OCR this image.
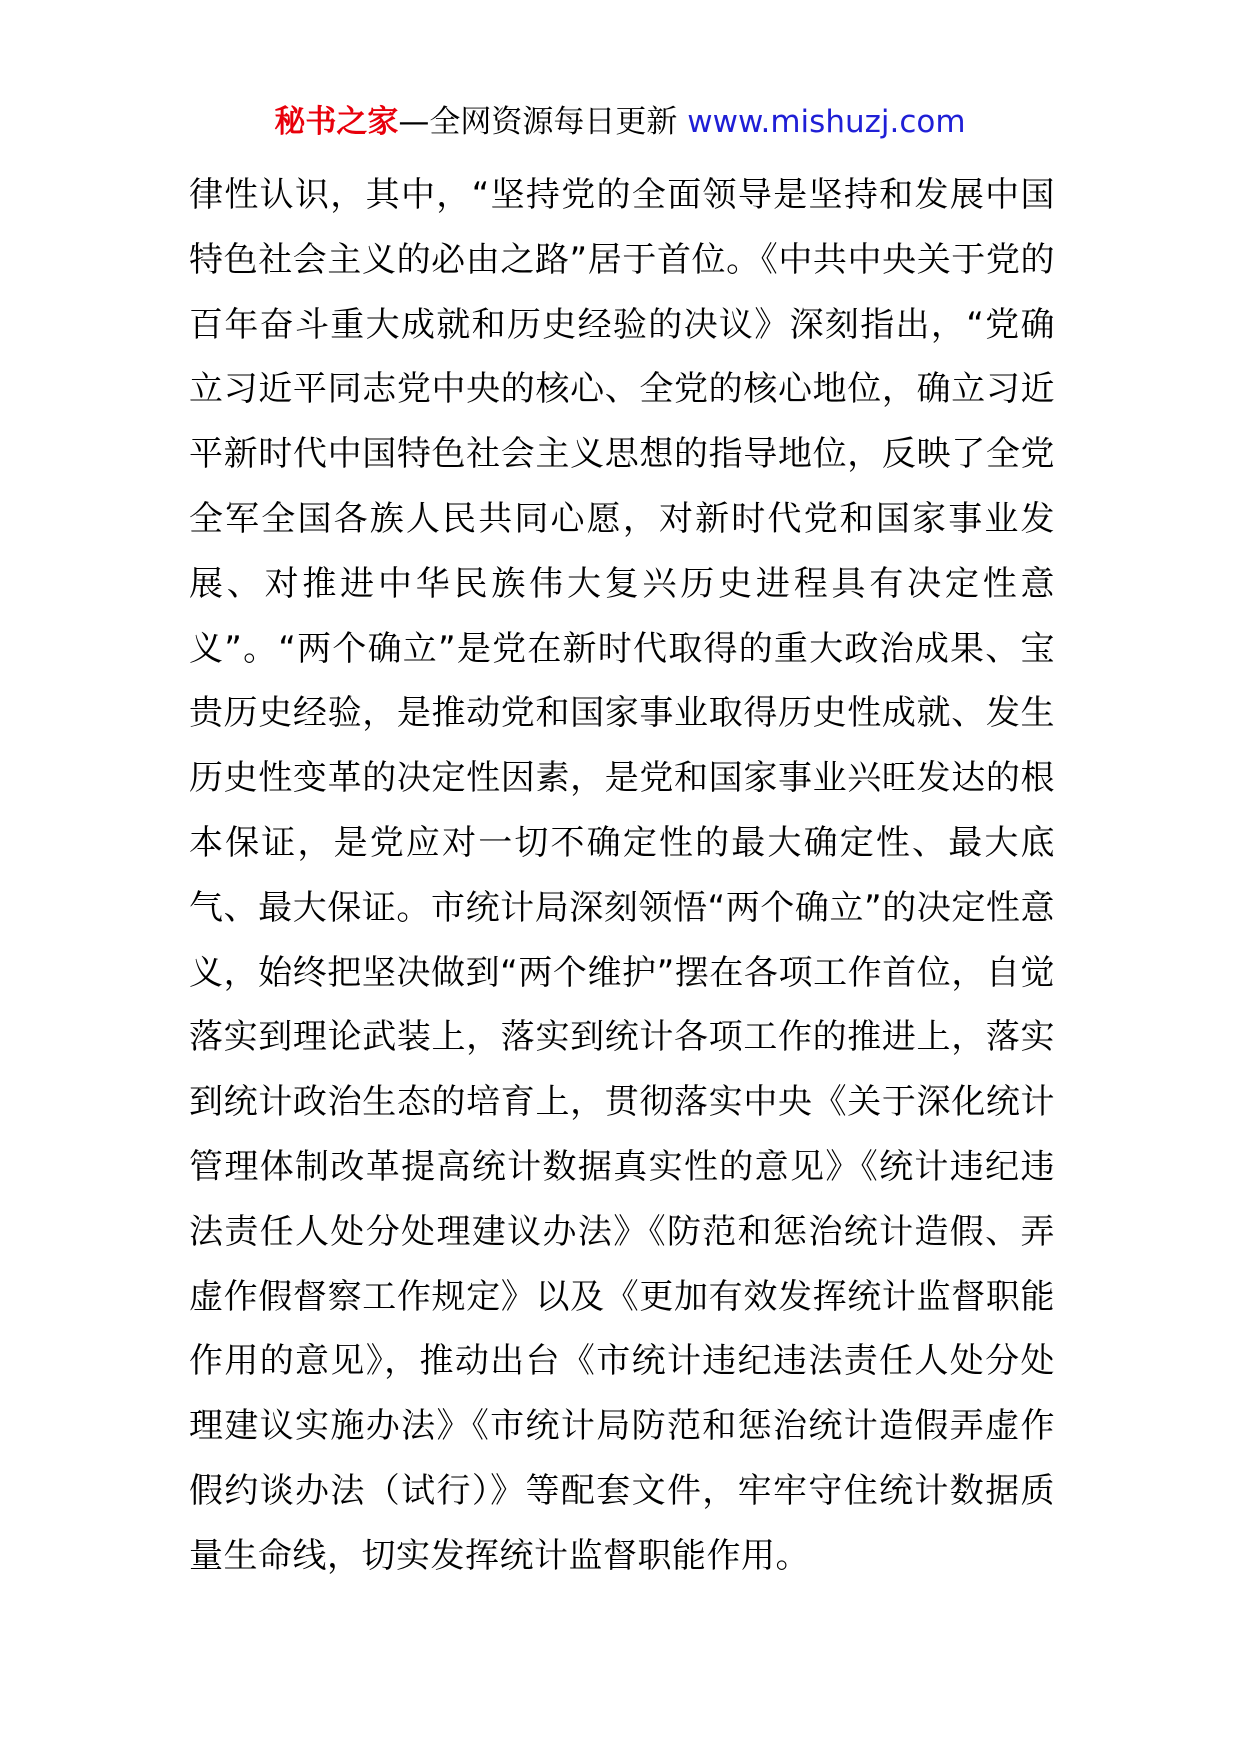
秘书之家—全网资源每日更新 www.mishuzj.com

律性认识，其中，“坚持党的全面领导是坚持和发展中国特色社会主义的必由之路”居于首位。《中共中央关于党的百年奋斗重大成就和历史经验的决议》深刻指出，“党确立习近平同志党中央的核心、全党的核心地位，确立习近平新时代中国特色社会主义思想的指导地位，反映了全党全军全国各族人民共同心愿，对新时代党和国家事业发展、对推进中华民族伟大复兴历史进程具有决定性意义”。“两个确立”是党在新时代取得的重大政治成果、宝贵历史经验，是推动党和国家事业取得历史性成就、发生历史性变革的决定性因素，是党和国家事业兴旺发达的根本保证，是党应对一切不确定性的最大确定性、最大底气、最大保证。市统计局深刻领悟“两个确立”的决定性意义，始终把坚决做到“两个维护”摆在各项工作首位，自觉落实到理论武装上，落实到统计各项工作的推进上，落实到统计政治生态的培育上，贯彻落实中央《关于深化统计管理体制改革提高统计数据真实性的意见》《统计违纪违法责任人处分处理建议办法》《防范和惩治统计造假、弄虚作假督察工作规定》以及《更加有效发挥统计监督职能作用的意见》，推动出台《市统计违纪违法责任人处分处理建议实施办法》《市统计局防范和惩治统计造假弄虚作假约谈办法（试行）》等配套文件，牢牢守住统计数据质量生命线，切实发挥统计监督职能作用。
